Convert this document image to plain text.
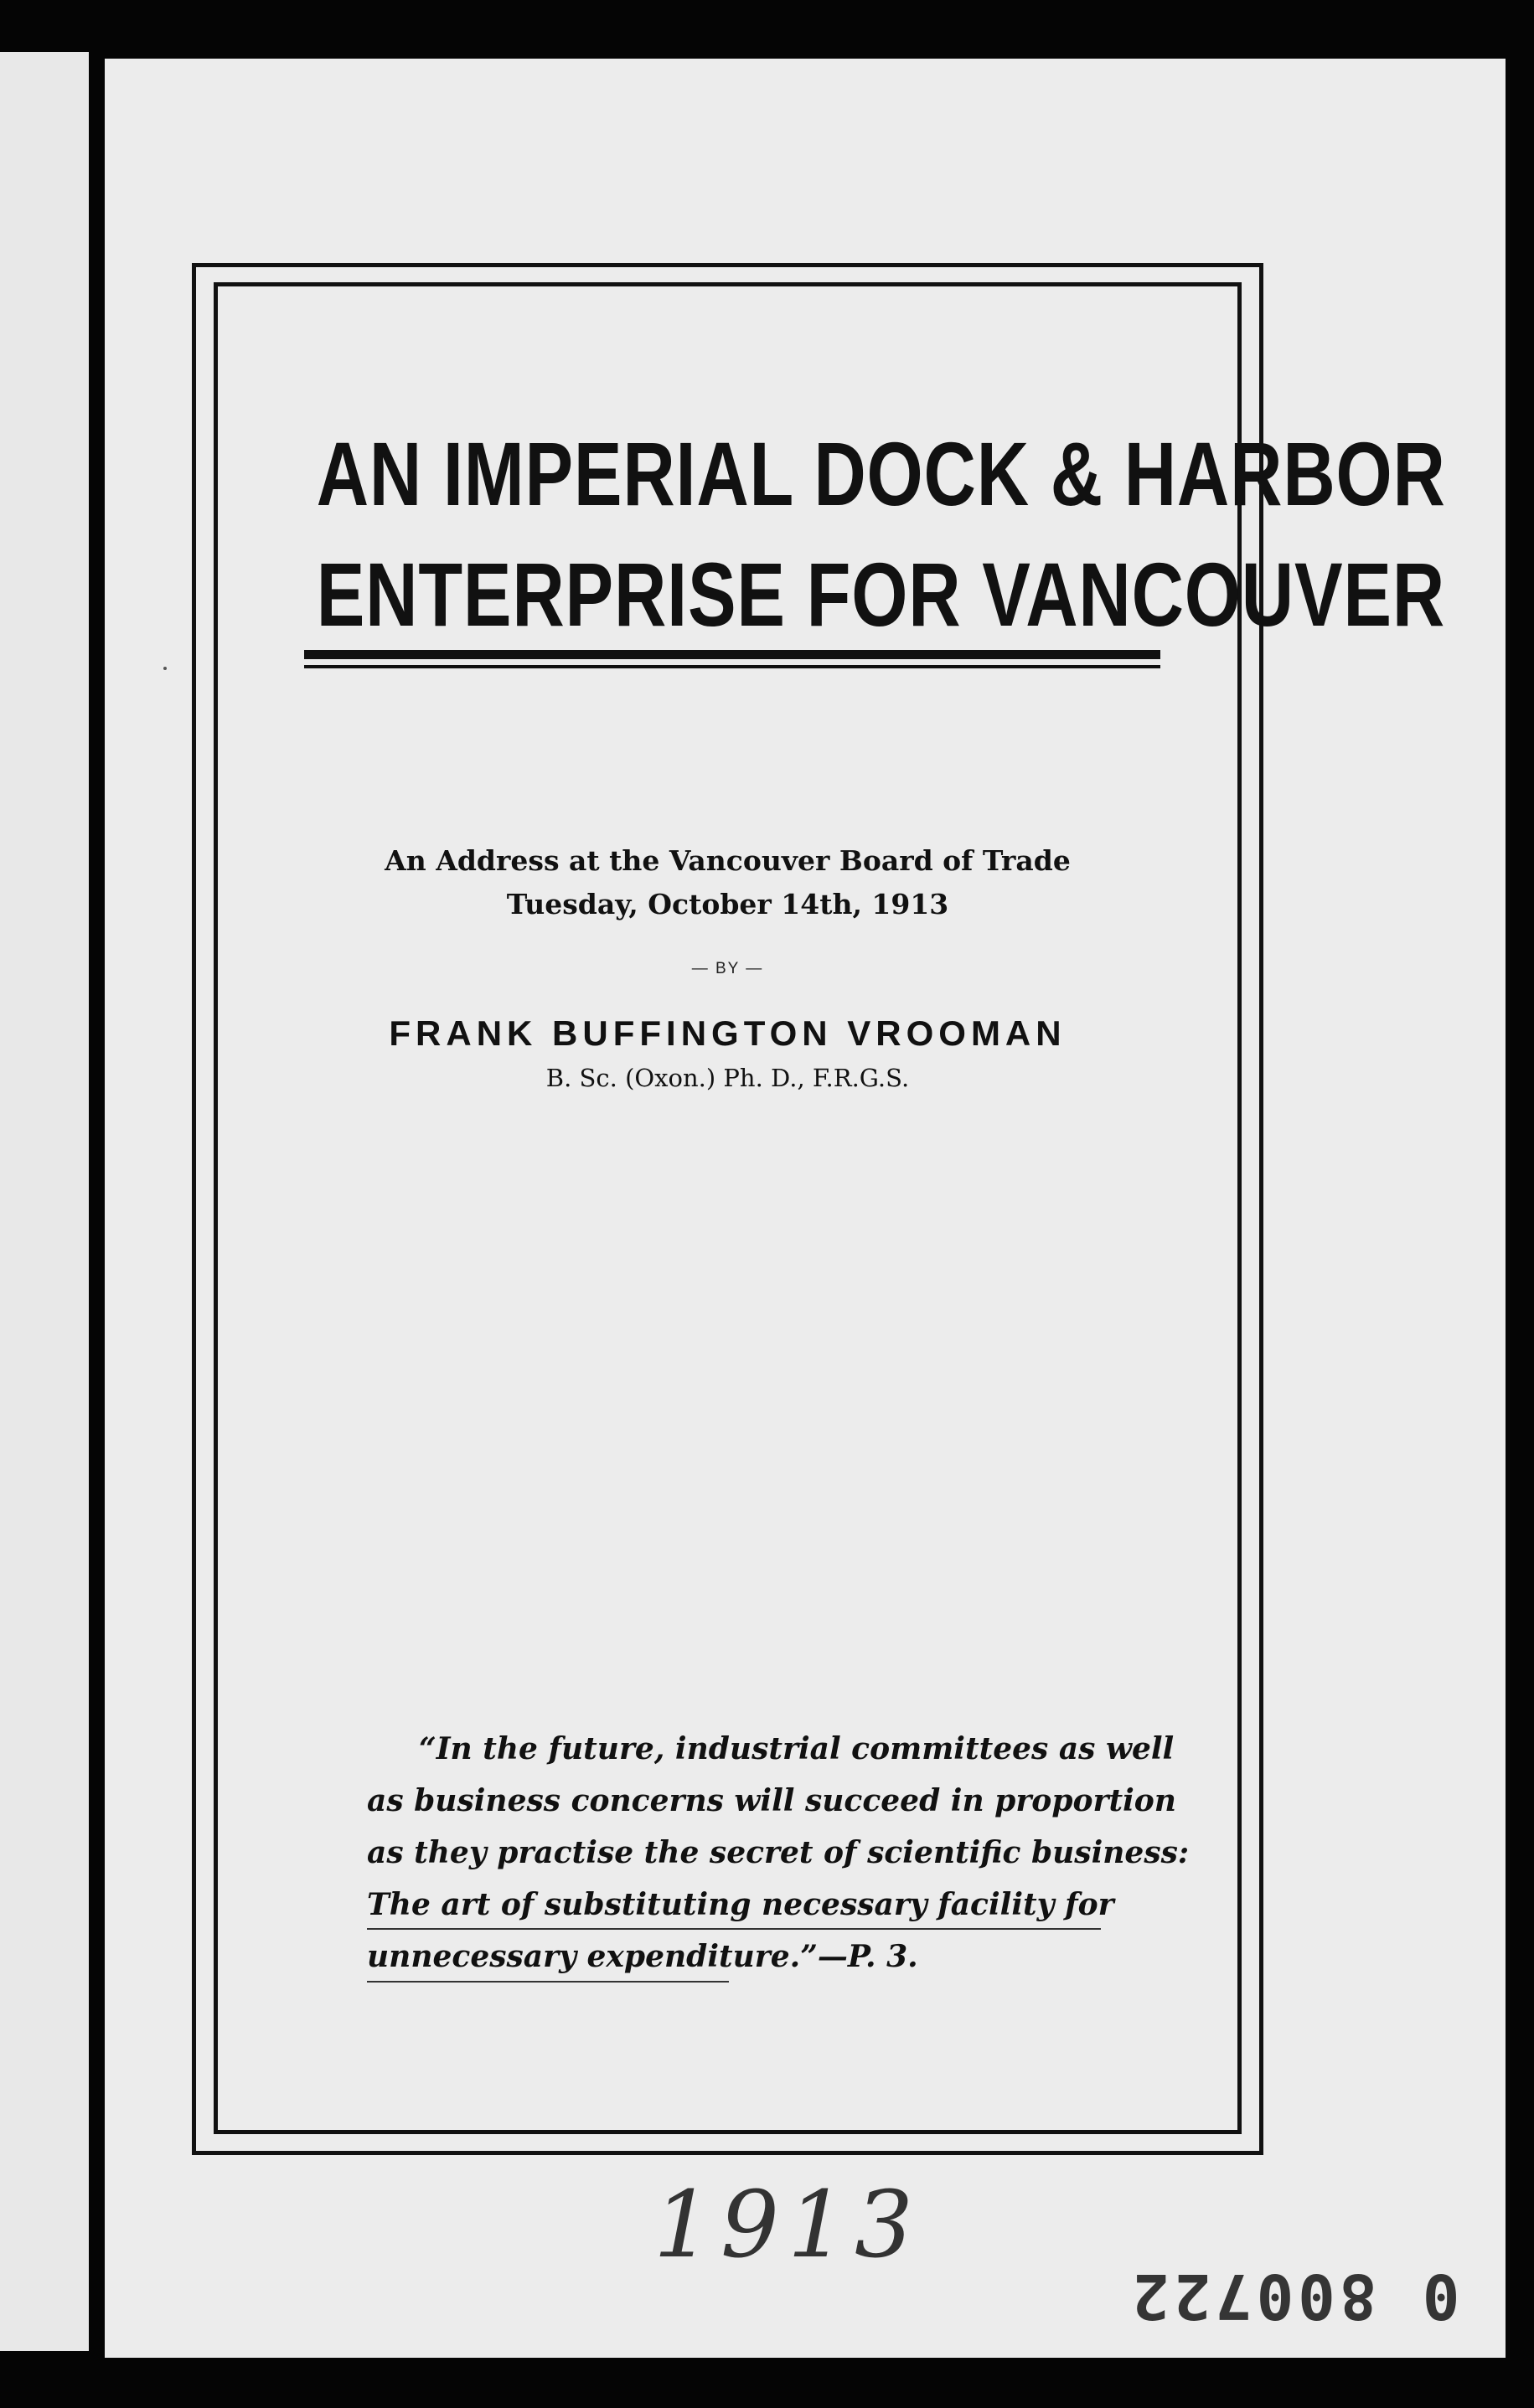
AN IMPERIAL DOCK & HARBOR
ENTERPRISE FOR VANCOUVER
An Address at the Vancouver Board of Trade
Tuesday, October 14th, 1913
— BY —
FRANK BUFFINGTON VROOMAN
B. Sc. (Oxon.) Ph. D., F.R.G.S.
“In the future, industrial committees as well
as business concerns will succeed in proportion
as they practise the secret of scientific business:
The art of substituting necessary facility for
unnecessary expenditure.”—P. 3.
1913
0 800722
